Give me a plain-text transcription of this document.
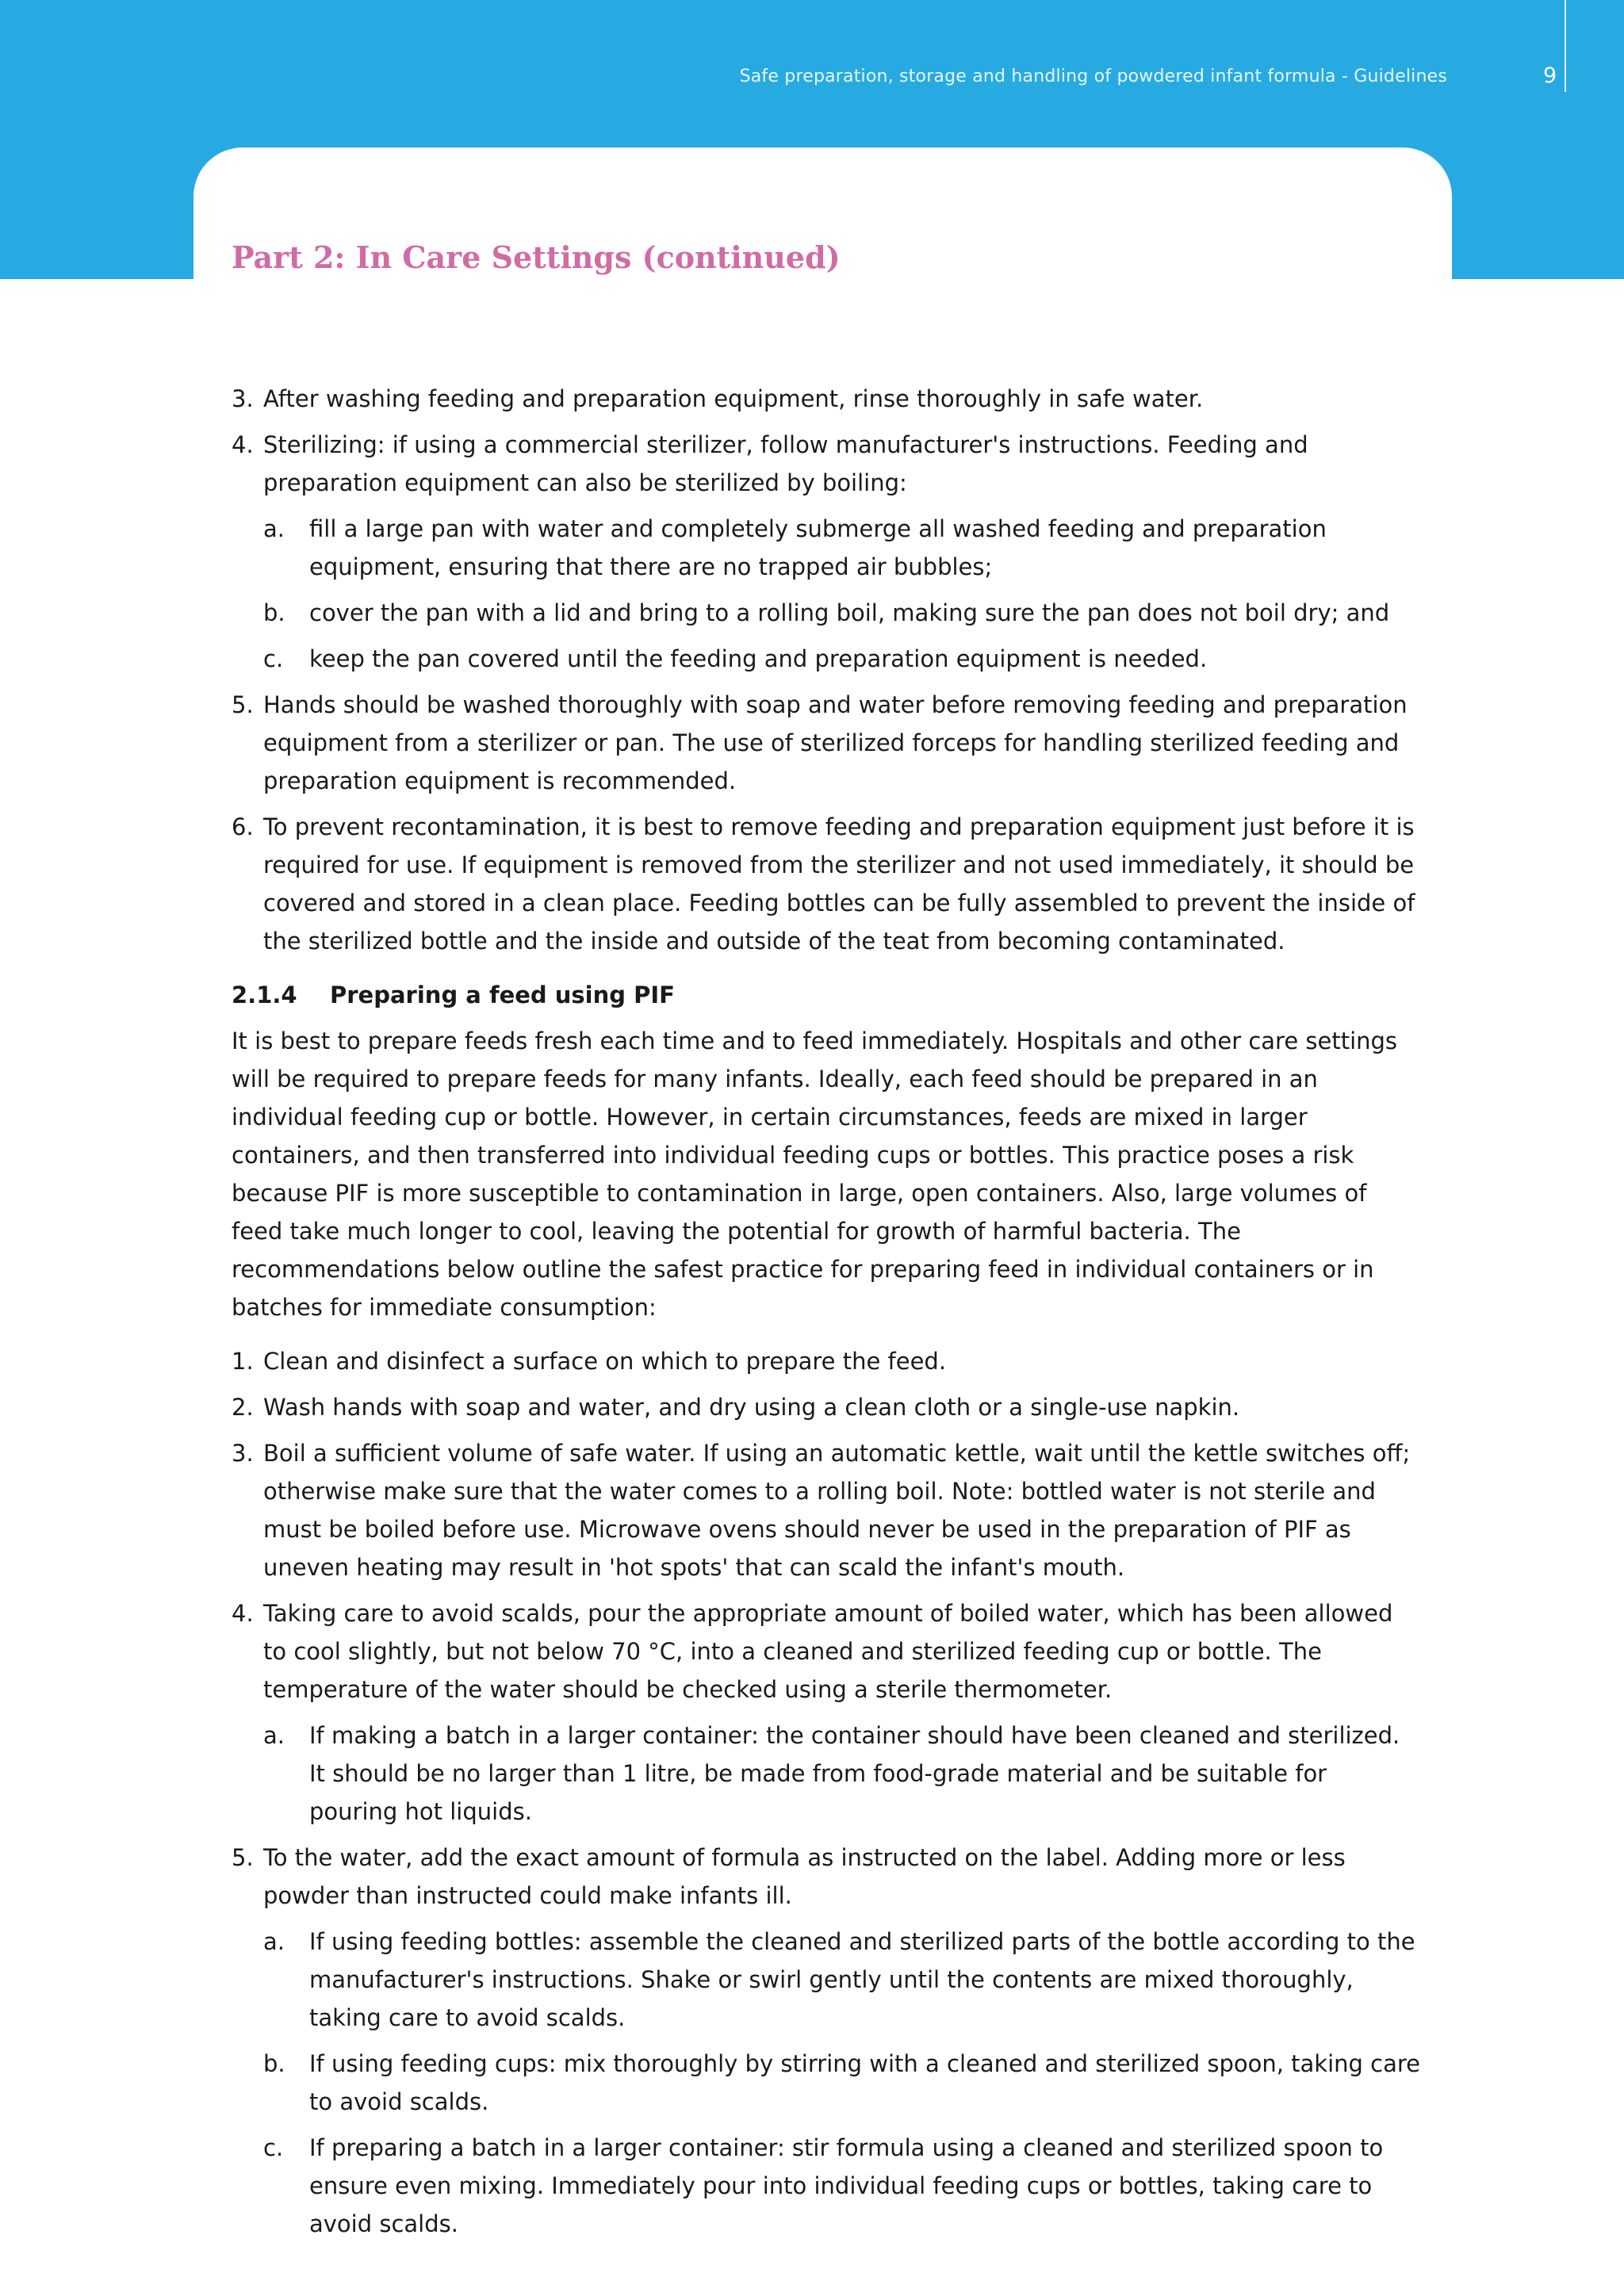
Safe preparation, storage and handling of powdered infant formula - Guidelines	9
Part 2: In Care Settings (continued)
3. After washing feeding and preparation equipment, rinse thoroughly in safe water.
4. Sterilizing: if using a commercial sterilizer, follow manufacturer's instructions. Feeding and preparation equipment can also be sterilized by boiling:
a. fill a large pan with water and completely submerge all washed feeding and preparation equipment, ensuring that there are no trapped air bubbles;
b. cover the pan with a lid and bring to a rolling boil, making sure the pan does not boil dry; and
c. keep the pan covered until the feeding and preparation equipment is needed.
5. Hands should be washed thoroughly with soap and water before removing feeding and preparation equipment from a sterilizer or pan. The use of sterilized forceps for handling sterilized feeding and preparation equipment is recommended.
6. To prevent recontamination, it is best to remove feeding and preparation equipment just before it is required for use. If equipment is removed from the sterilizer and not used immediately, it should be covered and stored in a clean place. Feeding bottles can be fully assembled to prevent the inside of the sterilized bottle and the inside and outside of the teat from becoming contaminated.
2.1.4 Preparing a feed using PIF

It is best to prepare feeds fresh each time and to feed immediately. Hospitals and other care settings will be required to prepare feeds for many infants. Ideally, each feed should be prepared in an individual feeding cup or bottle. However, in certain circumstances, feeds are mixed in larger containers, and then transferred into individual feeding cups or bottles. This practice poses a risk because PIF is more susceptible to contamination in large, open containers. Also, large volumes of feed take much longer to cool, leaving the potential for growth of harmful bacteria. The recommendations below outline the safest practice for preparing feed in individual containers or in batches for immediate consumption:

1. Clean and disinfect a surface on which to prepare the feed.
2. Wash hands with soap and water, and dry using a clean cloth or a single-use napkin.
3. Boil a sufficient volume of safe water. If using an automatic kettle, wait until the kettle switches off; otherwise make sure that the water comes to a rolling boil. Note: bottled water is not sterile and must be boiled before use. Microwave ovens should never be used in the preparation of PIF as uneven heating may result in 'hot spots' that can scald the infant's mouth.
4. Taking care to avoid scalds, pour the appropriate amount of boiled water, which has been allowed to cool slightly, but not below 70 °C, into a cleaned and sterilized feeding cup or bottle. The temperature of the water should be checked using a sterile thermometer.
a. If making a batch in a larger container: the container should have been cleaned and sterilized. It should be no larger than 1 litre, be made from food-grade material and be suitable for pouring hot liquids.
5. To the water, add the exact amount of formula as instructed on the label. Adding more or less powder than instructed could make infants ill.
a. If using feeding bottles: assemble the cleaned and sterilized parts of the bottle according to the manufacturer's instructions. Shake or swirl gently until the contents are mixed thoroughly, taking care to avoid scalds.
b. If using feeding cups: mix thoroughly by stirring with a cleaned and sterilized spoon, taking care to avoid scalds.
c. If preparing a batch in a larger container: stir formula using a cleaned and sterilized spoon to ensure even mixing. Immediately pour into individual feeding cups or bottles, taking care to avoid scalds.
